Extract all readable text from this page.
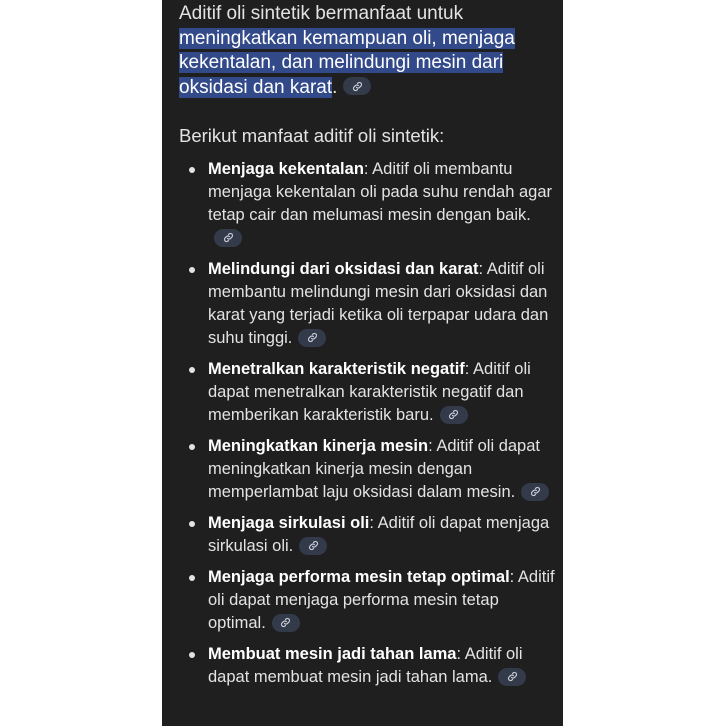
Aditif oli sintetik bermanfaat untuk meningkatkan kemampuan oli, menjaga kekentalan, dan melindungi mesin dari oksidasi dan karat.

Berikut manfaat aditif oli sintetik:

Menjaga kekentalan: Aditif oli membantu menjaga kekentalan oli pada suhu rendah agar tetap cair dan melumasi mesin dengan baik.
Melindungi dari oksidasi dan karat: Aditif oli membantu melindungi mesin dari oksidasi dan karat yang terjadi ketika oli terpapar udara dan suhu tinggi.
Menetralkan karakteristik negatif: Aditif oli dapat menetralkan karakteristik negatif dan memberikan karakteristik baru.
Meningkatkan kinerja mesin: Aditif oli dapat meningkatkan kinerja mesin dengan memperlambat laju oksidasi dalam mesin.
Menjaga sirkulasi oli: Aditif oli dapat menjaga sirkulasi oli.
Menjaga performa mesin tetap optimal: Aditif oli dapat menjaga performa mesin tetap optimal.
Membuat mesin jadi tahan lama: Aditif oli dapat membuat mesin jadi tahan lama.
